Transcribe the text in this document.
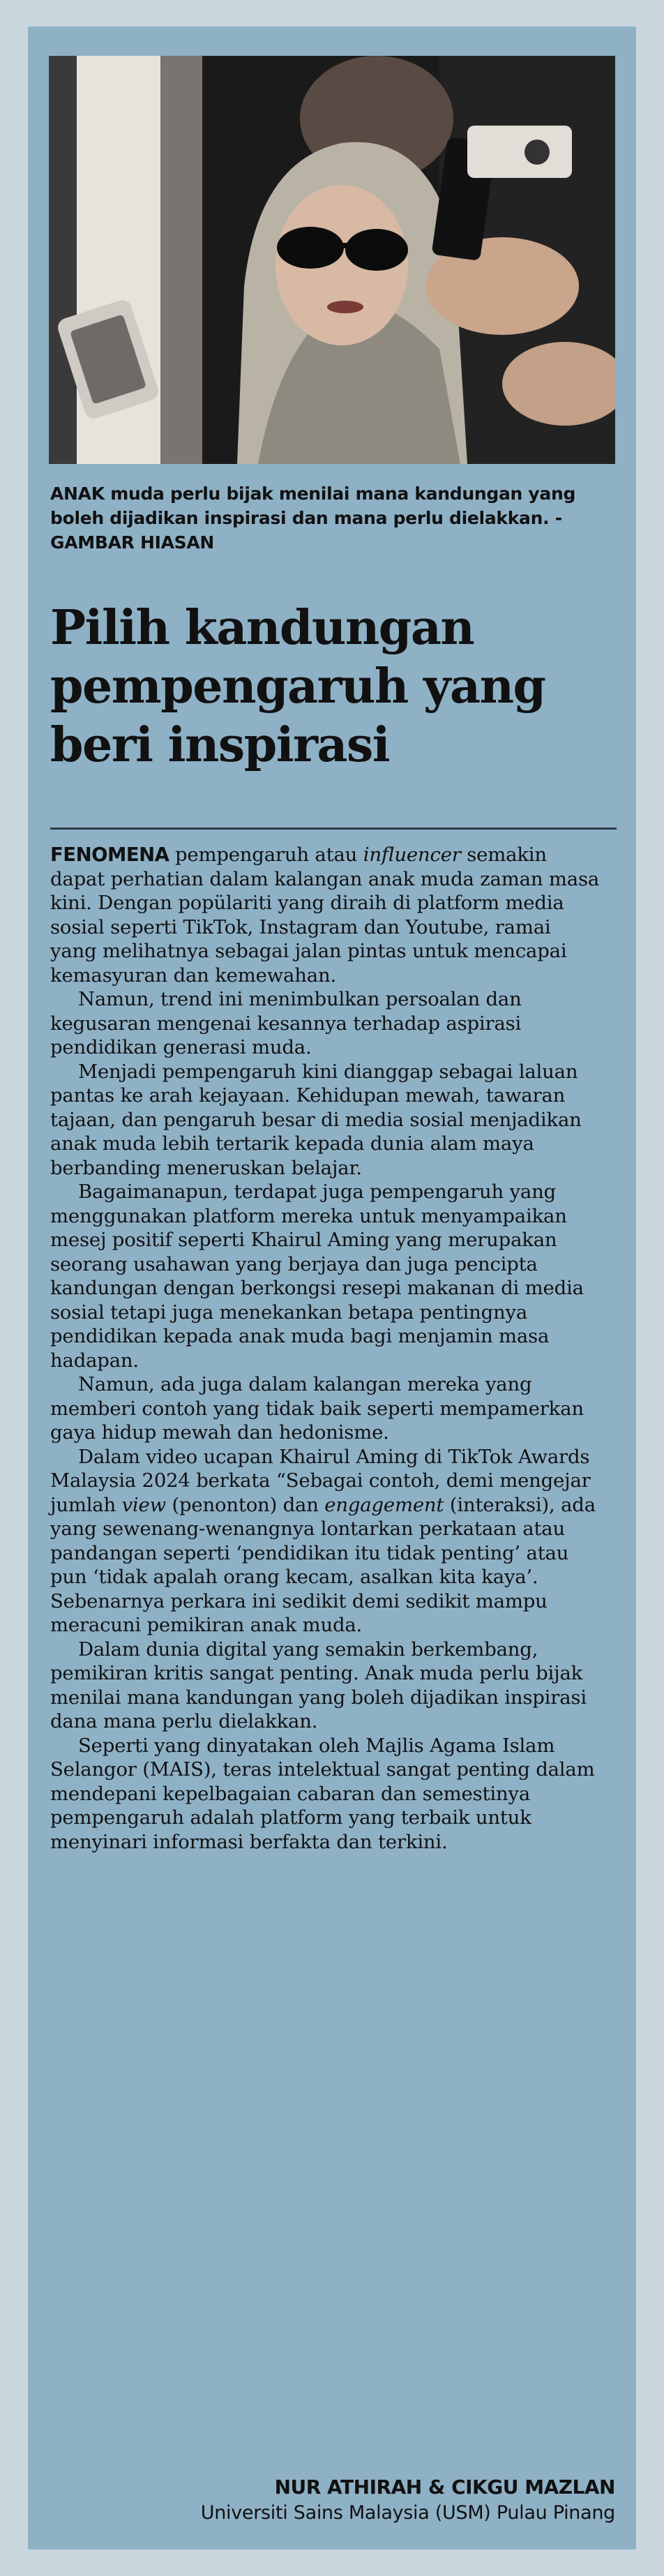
ANAK muda perlu bijak menilai mana kandungan yang boleh dijadikan inspirasi dan mana perlu dielakkan. - GAMBAR HIASAN
Pilih kandungan pempengaruh yang beri inspirasi

FENOMENA pempengaruh atau influencer semakin dapat perhatian dalam kalangan anak muda zaman masa kini. Dengan popülariti yang diraih di platform media sosial seperti TikTok, Instagram dan Youtube, ramai yang melihatnya sebagai jalan pintas untuk mencapai kemasyuran dan kemewahan.

Namun, trend ini menimbulkan persoalan dan kegusaran mengenai kesannya terhadap aspirasi pendidikan generasi muda.

Menjadi pempengaruh kini dianggap sebagai laluan pantas ke arah kejayaan. Kehidupan mewah, tawaran tajaan, dan pengaruh besar di media sosial menjadikan anak muda lebih tertarik kepada dunia alam maya berbanding meneruskan belajar.

Bagaimanapun, terdapat juga pempengaruh yang menggunakan platform mereka untuk menyampaikan mesej positif seperti Khairul Aming yang merupakan seorang usahawan yang berjaya dan juga pencipta kandungan dengan berkongsi resepi makanan di media sosial tetapi juga menekankan betapa pentingnya pendidikan kepada anak muda bagi menjamin masa hadapan.

Namun, ada juga dalam kalangan mereka yang memberi contoh yang tidak baik seperti mempamerkan gaya hidup mewah dan hedonisme.

Dalam video ucapan Khairul Aming di TikTok Awards Malaysia 2024 berkata “Sebagai contoh, demi mengejar jumlah view (penonton) dan engagement (interaksi), ada yang sewenang-wenangnya lontarkan perkataan atau pandangan seperti ‘pendidikan itu tidak penting’ atau pun ‘tidak apalah orang kecam, asalkan kita kaya’. Sebenarnya perkara ini sedikit demi sedikit mampu meracuni pemikiran anak muda.

Dalam dunia digital yang semakin berkembang, pemikiran kritis sangat penting. Anak muda perlu bijak menilai mana kandungan yang boleh dijadikan inspirasi dana mana perlu dielakkan.

Seperti yang dinyatakan oleh Majlis Agama Islam Selangor (MAIS), teras intelektual sangat penting dalam mendepani kepelbagaian cabaran dan semestinya pempengaruh adalah platform yang terbaik untuk menyinari informasi berfakta dan terkini.

NUR ATHIRAH & CIKGU MAZLAN
Universiti Sains Malaysia (USM) Pulau Pinang
